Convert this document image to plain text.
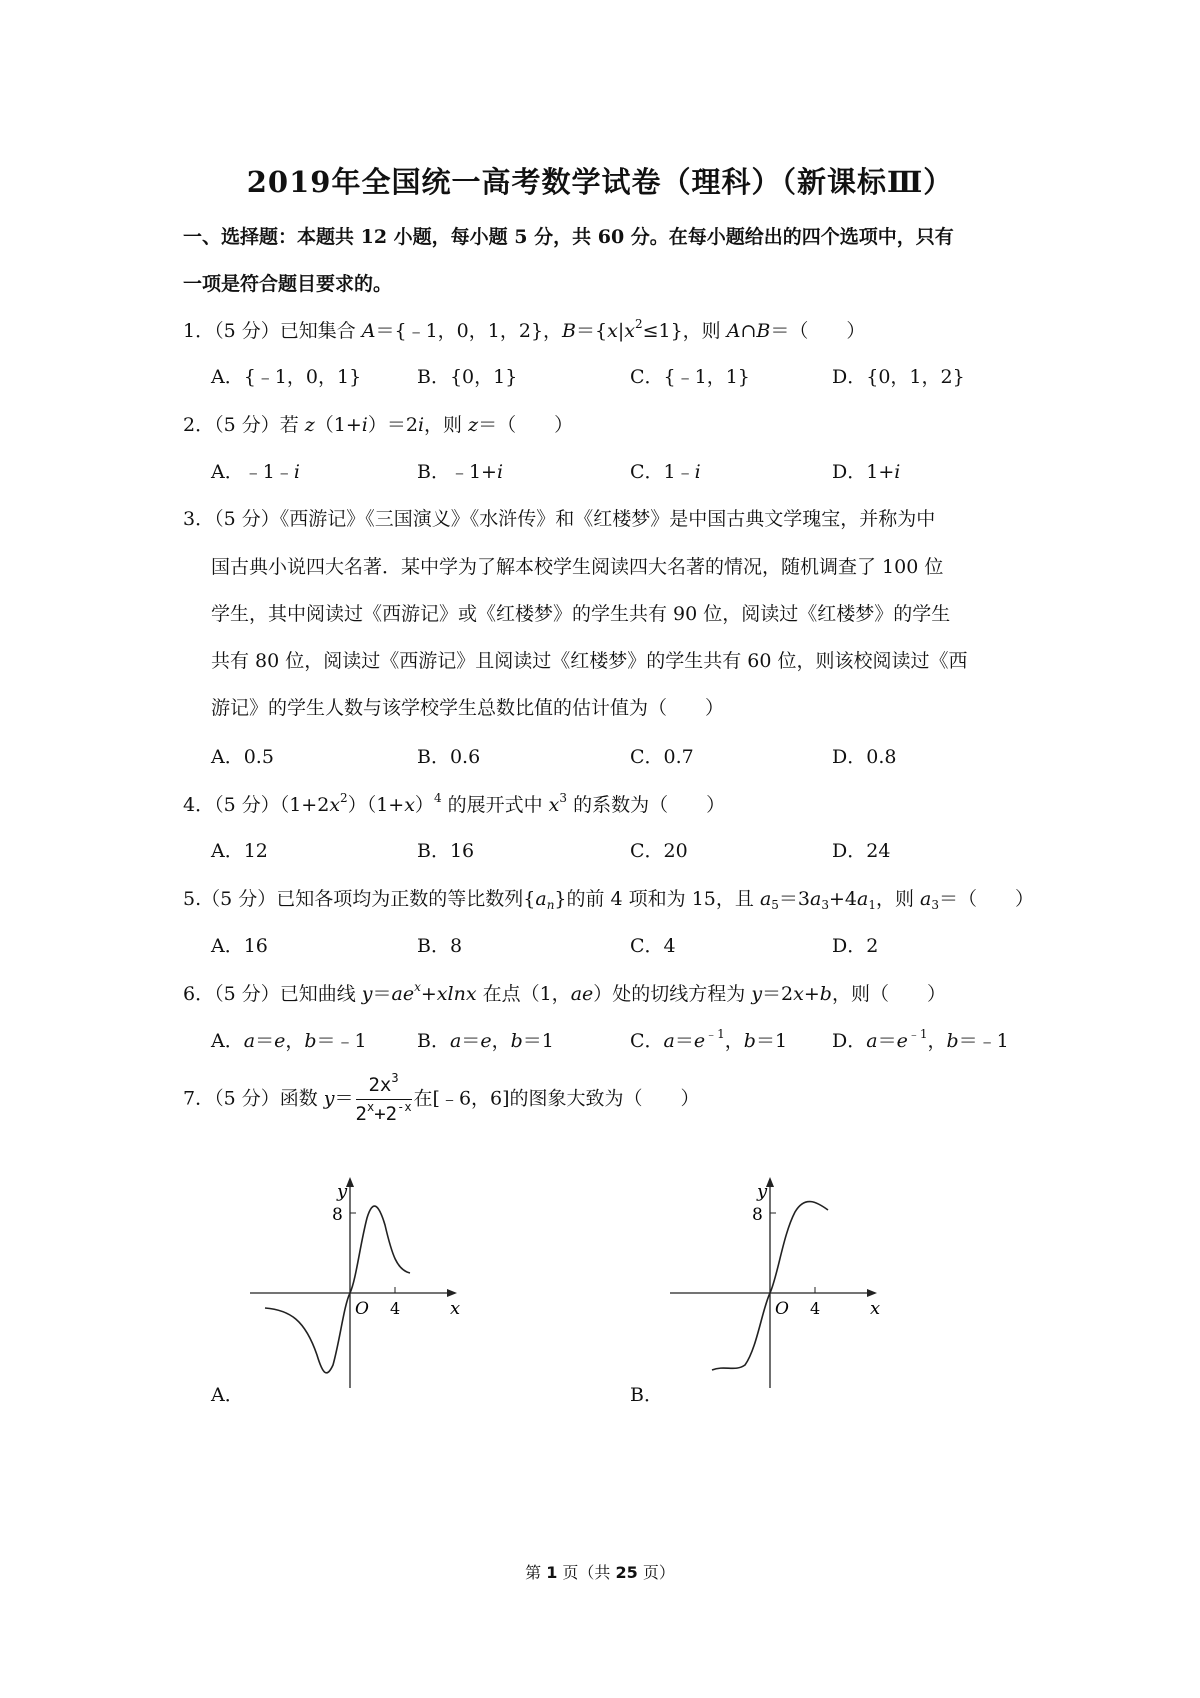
2019年全国统一高考数学试卷（理科）（新课标Ⅲ）
一、选择题：本题共 12 小题，每小题 5 分，共 60 分。在每小题给出的四个选项中，只有
一项是符合题目要求的。
1．（5 分）已知集合 A＝{﹣1，0，1，2}，$B=\{x|x^2\le 1\}$，则 A∩B＝（　　）
A．{﹣1，0，1}	B．{0，1}	C．{﹣1，1}	D．{0，1，2}
2．（5 分）若 z（1+i）＝2i，则 z＝（　　）
A．﹣1﹣i	B．﹣1+i	C．1﹣i	D．1+i
3．（5 分）《西游记》《三国演义》《水浒传》和《红楼梦》是中国古典文学瑰宝，并称为中
国古典小说四大名著．某中学为了解本校学生阅读四大名著的情况，随机调查了 100 位
学生，其中阅读过《西游记》或《红楼梦》的学生共有 90 位，阅读过《红楼梦》的学生
共有 80 位，阅读过《西游记》且阅读过《红楼梦》的学生共有 60 位，则该校阅读过《西
游记》的学生人数与该学校学生总数比值的估计值为（　　）
A．0.5	B．0.6	C．0.7	D．0.8
4．（5 分）$(1+2x^2)(1+x)^4$ 的展开式中 $x^3$ 的系数为（　　）
A．12	B．16	C．20	D．24
5.（5 分）已知各项均为正数的等比数列$\{a_n\}$的前 4 项和为 15，且 $a_5=3a_3+4a_1$，则 $a_3=$（　　）
A．16	B．8	C．4	D．2
6．（5 分）已知曲线 $y=ae^x+xlnx$ 在点（1，ae）处的切线方程为 y＝2x+b，则（　　）
A．a＝e，b＝﹣1	B．a＝e，b＝1	C．$a=e^{﹣1}$，b＝1 D．$a=e^{﹣1}$，b＝﹣1
7．（5 分）函数 $y= \frac{2x^3}{2^x+2^{-x}}$ 在[﹣6，6]的图象大致为（　　）
y
8
O 4	x
A．
y
8
O 4	x
B．
第 1 页（共 25 页）
